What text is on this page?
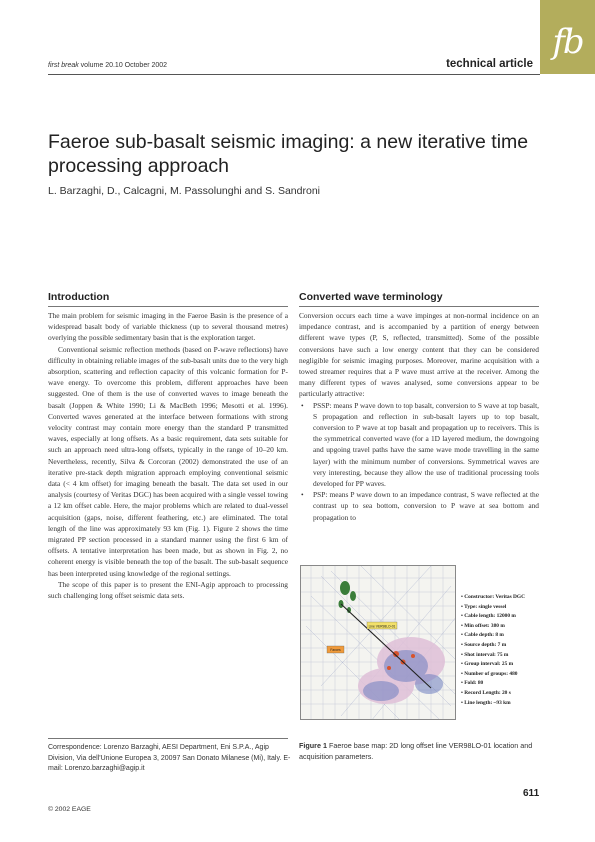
fb
first break volume 20.10 October 2002	technical article
Faeroe sub-basalt seismic imaging: a new iterative time processing approach
L. Barzaghi, D., Calcagni, M. Passolunghi and S. Sandroni
Introduction

The main problem for seismic imaging in the Faeroe Basin is the presence of a widespread basalt body of variable thickness (up to several thousand metres) overlying the possible sedimentary basin that is the exploration target.

Conventional seismic reflection methods (based on P-wave reflections) have difficulty in obtaining reliable images of the sub-basalt units due to the very high absorption, scattering and reflection capacity of this volcanic formation for P-wave energy. To overcome this problem, different approaches have been suggested. One of them is the use of converted waves to image beneath the basalt (Joppen & White 1990; Li & MacBeth 1996; Mesotti et al. 1996). Converted waves generated at the interface between formations with strong velocity contrast may contain more energy than the standard P transmitted waves, especially at long offsets. As a basic requirement, data sets suitable for such an approach need ultra-long offsets, typically in the range of 10–20 km. Nevertheless, recently, Silva & Corcoran (2002) demonstrated the use of an iterative pre-stack depth migration approach employing conventional seismic data (< 4 km offset) for imaging beneath the basalt. The data set used in our analysis (courtesy of Veritas DGC) has been acquired with a single vessel towing a 12 km offset cable. Here, the major problems which are related to dual-vessel acquisition (gaps, noise, different feathering, etc.) are eliminated. The total length of the line was approximately 93 km (Fig. 1). Figure 2 shows the time migrated PP section processed in a standard manner using the first 6 km of offsets. A tentative interpretation has been made, but as shown in Fig. 2, no coherent energy is visible beneath the top of the basalt. The sub-basalt sequence has been interpreted using knowledge of the regional settings.

The scope of this paper is to present the ENI-Agip approach to processing such challenging long offset seismic data sets.

Converted wave terminology

Conversion occurs each time a wave impinges at non-normal incidence on an impedance contrast, and is accompanied by a partition of energy between different wave types (P, S, reflected, transmitted). Some of the possible conversions have such a low energy content that they can be considered negligible for seismic imaging purposes. Moreover, marine acquisition with a towed streamer requires that a P wave must arrive at the receiver. Among the many different types of waves analysed, some conversions appear to be particularly attractive:

• PSSP: means P wave down to top basalt, conversion to S wave at top basalt, S propagation and reflection in sub-basalt layers up to top basalt, conversion to P wave at top basalt and propagation up to receivers. This is the symmetrical converted wave (for a 1D layered medium, the downgoing and upgoing travel paths have the same wave mode travelling in the same layer) with the minimum number of conversions. Symmetrical waves are very interesting, because they allow the use of traditional processing tools developed for PP waves.
• PSP: means P wave down to an impedance contrast, S wave reflected at the contrast up to sea bottom, conversion to P wave at sea bottom and propagation to
Line VER98LO-01
Faroes
• Constructor: Veritas DGC
• Type: single vessel
• Cable length: 12000 m
• Min offset: 380 m
• Cable depth: 8 m
• Source depth: 7 m
• Shot interval: 75 m
• Group interval: 25 m
• Number of groups: 480
• Fold: 80
• Record Length: 20 s
• Line length: ~93 km
Figure 1 Faeroe base map: 2D long offset line VER98LO-01 location and acquisition parameters.
Correspondence: Lorenzo Barzaghi, AESI Department, Eni S.P.A., Agip Division, Via dell'Unione Europea 3, 20097 San Donato Milanese (Mi), Italy. E-mail: Lorenzo.barzaghi@agip.it
© 2002 EAGE
611
